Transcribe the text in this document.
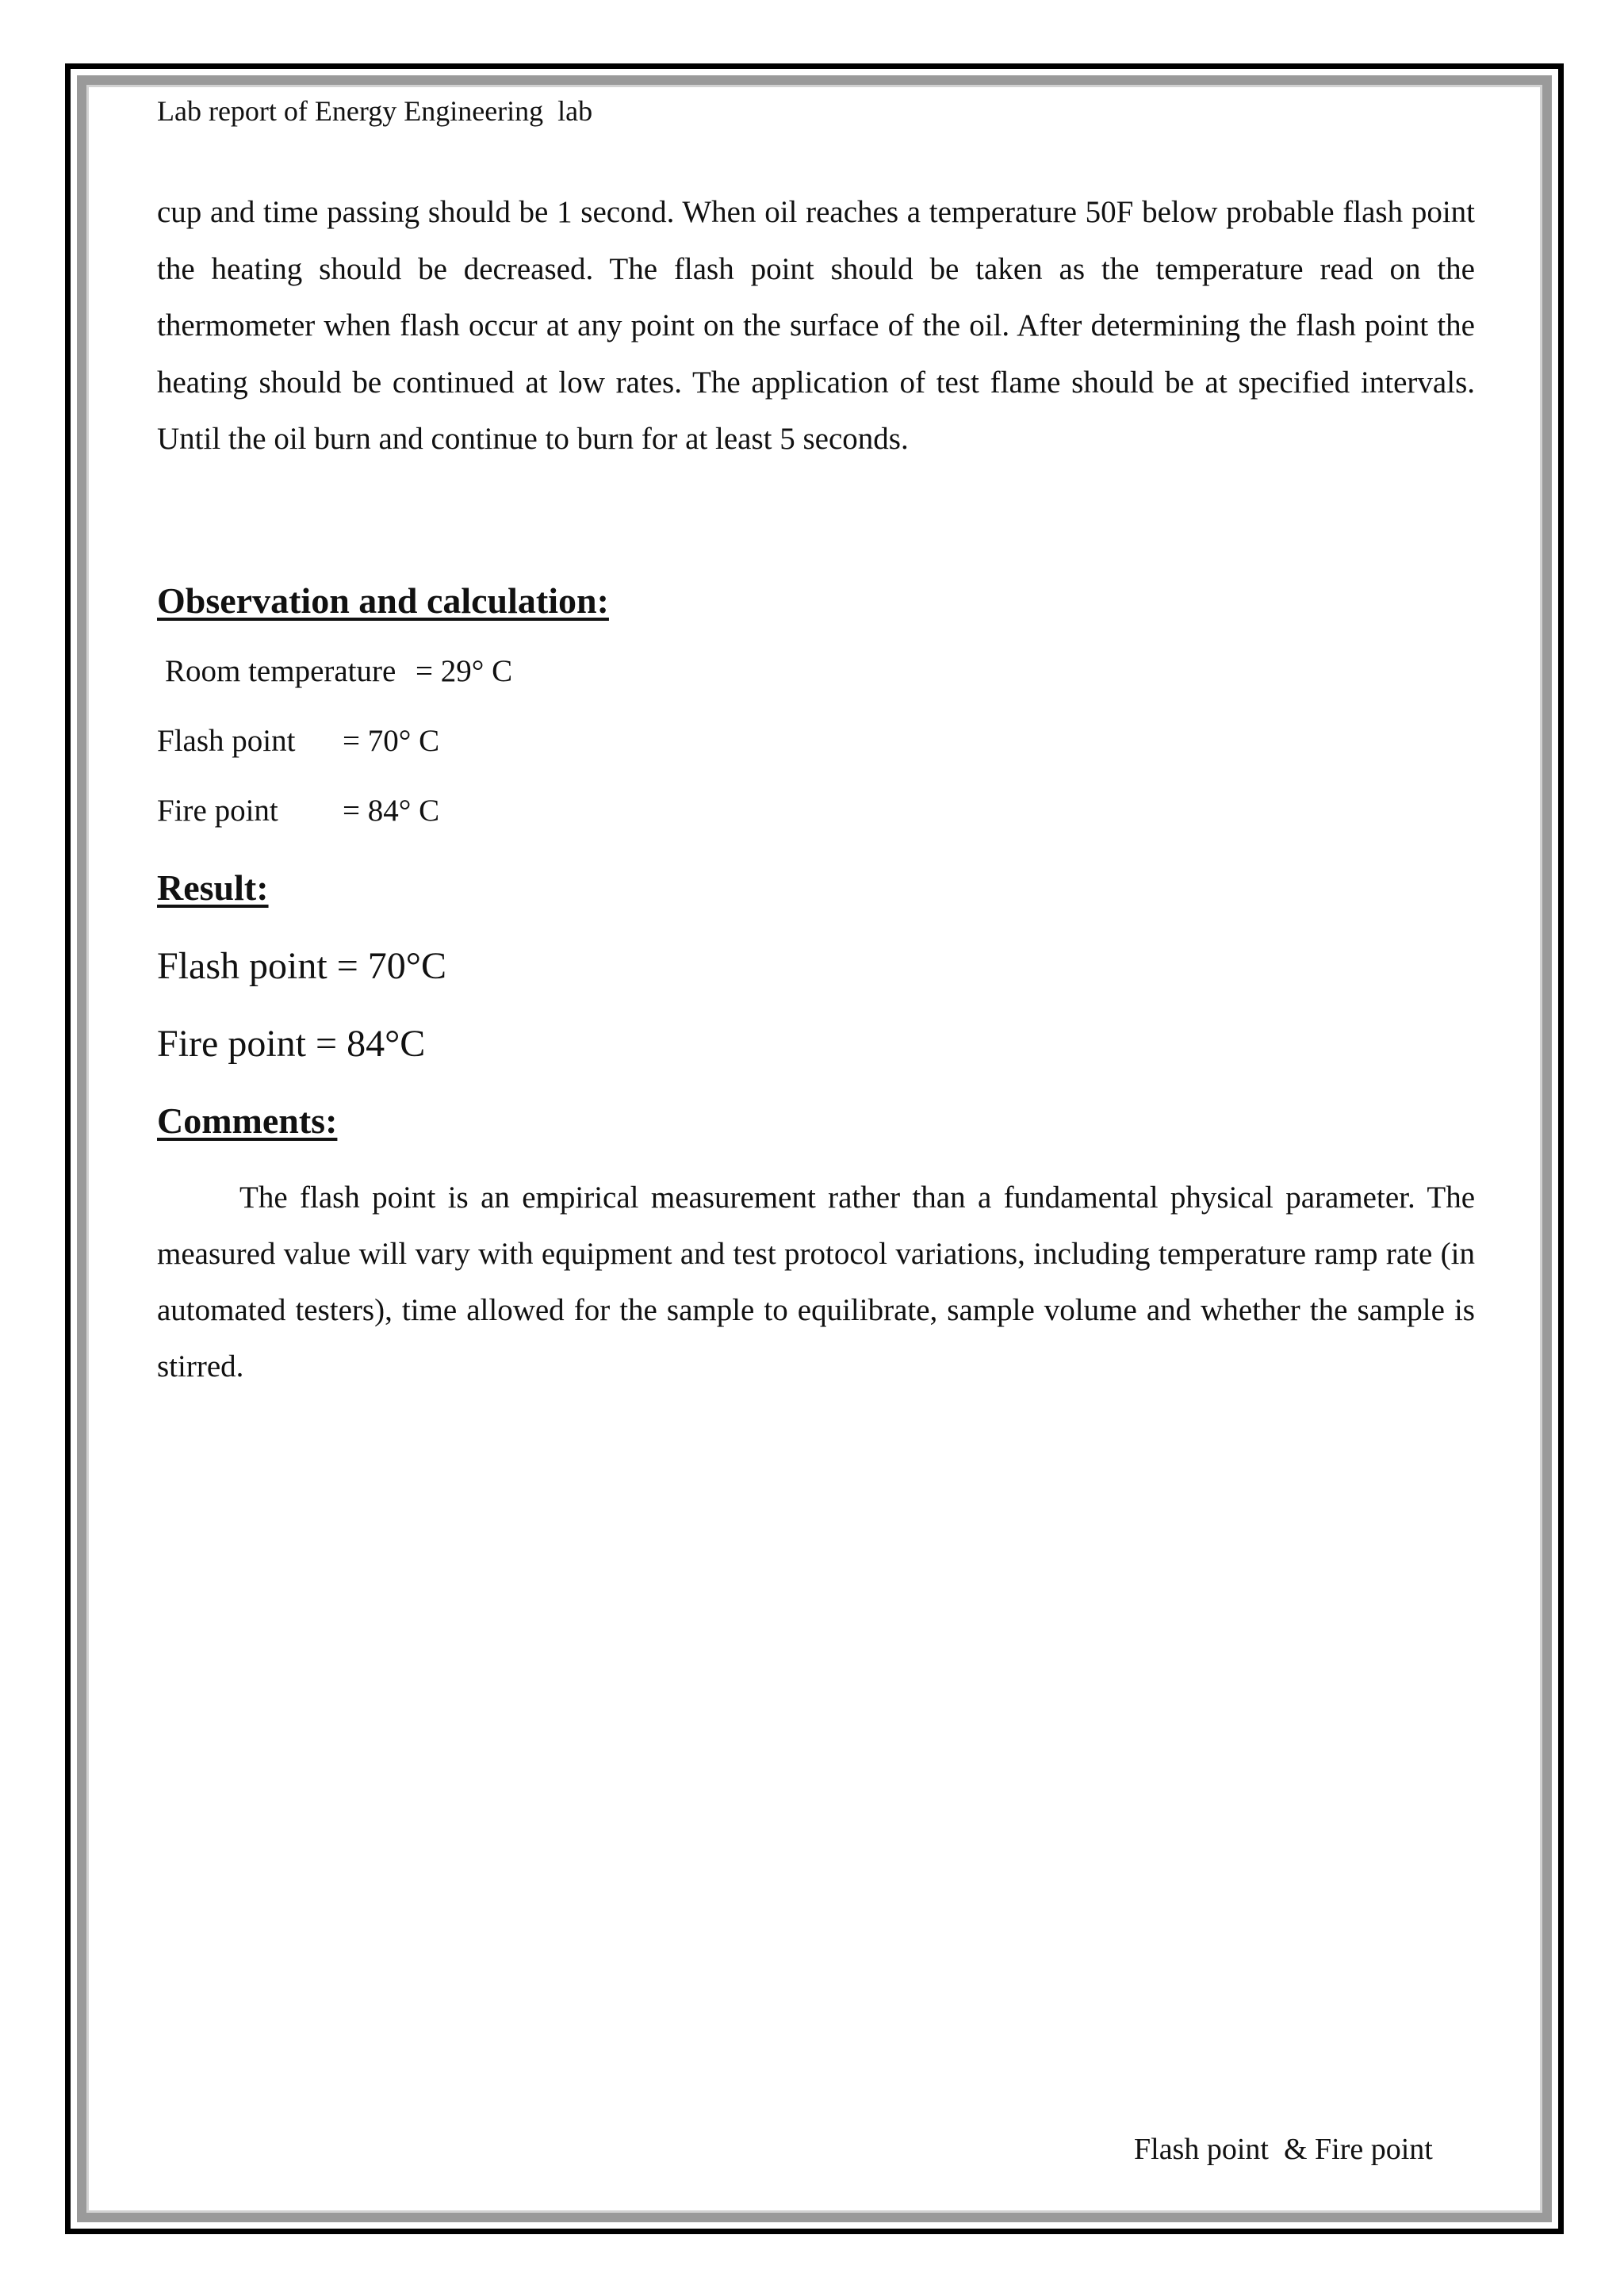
Lab report of Energy Engineering  lab

cup and time passing should be 1 second. When oil reaches a temperature 50F below probable flash point the heating should be decreased. The flash point should be taken as the temperature read on the thermometer when flash occur at any point on the surface of the oil. After determining the flash point the heating should be continued at low rates. The application of test flame should be at specified intervals. Until the oil burn and continue to burn for at least 5 seconds.

Observation and calculation:
Room temperature = 29° C
Flash point = 70° C
Fire point = 84° C
Result:
Flash point = 70°C
Fire point = 84°C
Comments:

The flash point is an empirical measurement rather than a fundamental physical parameter. The measured value will vary with equipment and test protocol variations, including temperature ramp rate (in automated testers), time allowed for the sample to equilibrate, sample volume and whether the sample is stirred.

Flash point  & Fire point
